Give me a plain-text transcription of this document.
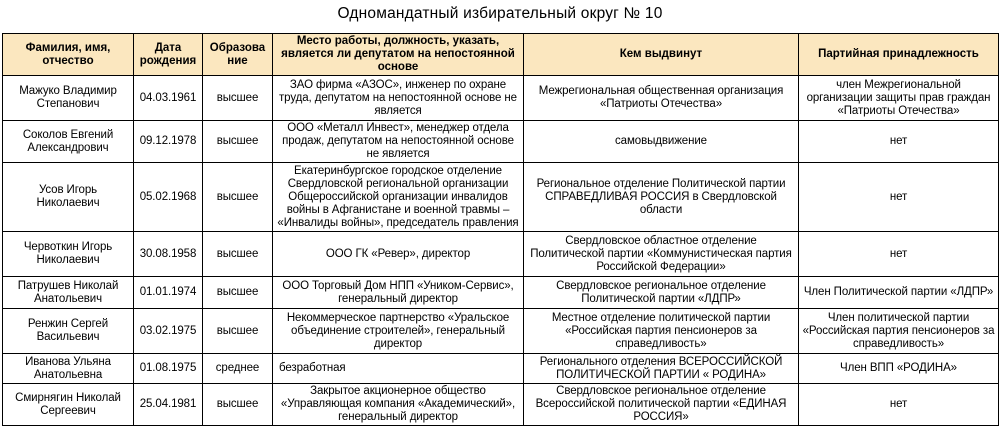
Одномандатный избирательный округ № 10
Фамилия, имя, отчество	Дата рождения	Образова ние	Место работы, должность, указать, является ли депутатом на непостоянной основе	Кем выдвинут	Партийная принадлежность
Мажуко Владимир Степанович	04.03.1961	высшее	ЗАО фирма «АЗОС», инженер по охране труда, депутатом на непостоянной основе не является	Межрегиональная общественная организация «Патриоты Отечества»	член Межрегиональной организации защиты прав граждан «Патриоты Отечества»
Соколов Евгений Александрович	09.12.1978	высшее	ООО «Металл Инвест», менеджер отдела продаж, депутатом на непостоянной основе не является	самовыдвижение	нет
Усов Игорь Николаевич	05.02.1968	высшее	Екатеринбургское городское отделение Свердловской региональной организации Общероссийской организации инвалидов войны в Афганистане и военной травмы – «Инвалиды войны», председатель правления	Региональное отделение Политической партии СПРАВЕДЛИВАЯ РОССИЯ в Свердловской области	нет
Червоткин Игорь Николаевич	30.08.1958	высшее	ООО ГК «Ревер», директор	Свердловское областное отделение Политической партии «Коммунистическая партия Российской Федерации»	нет
Патрушев Николай Анатольевич	01.01.1974	высшее	ООО Торговый Дом НПП «Уником-Сервис», генеральный директор	Свердловское региональное отделение Политической партии «ЛДПР»	Член Политической партии «ЛДПР»
Ренжин Сергей Васильевич	03.02.1975	высшее	Некоммерческое партнерство «Уральское объединение строителей», генеральный директор	Местное отделение политической партии «Российская партия пенсионеров за справедливость»	Член политической партии «Российская партия пенсионеров за справедливость»
Иванова Ульяна Анатольевна	01.08.1975	среднее	безработная	Регионального отделения ВСЕРОССИЙСКОЙ ПОЛИТИЧЕСКОЙ ПАРТИИ « РОДИНА»	Член ВПП «РОДИНА»
Смирнягин Николай Сергеевич	25.04.1981	высшее	Закрытое акционерное общество «Управляющая компания «Академический», генеральный директор	Свердловское региональное отделение Всероссийской политической партии «ЕДИНАЯ РОССИЯ»	нет
